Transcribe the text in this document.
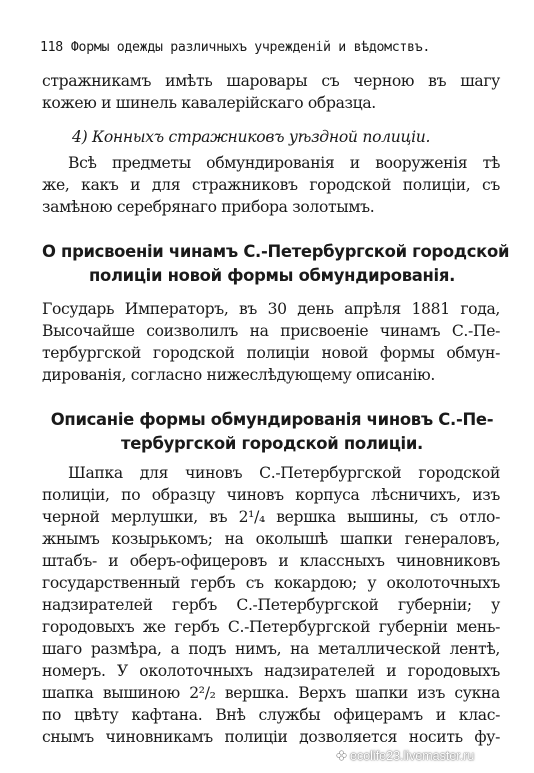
118 Формы одежды различныхъ учрежденій и вѣдомствъ.
стражникамъ имѣть шаровары съ черною въ шагу
кожею и шинель кавалерійскаго образца.
4) Конныхъ стражниковъ уѣздной полиціи.
Всѣ предметы обмундированія и вооруженія тѣ
же, какъ и для стражниковъ городской полиціи, съ
замѣною серебрянаго прибора золотымъ.
О присвоеніи чинамъ С.-Петербургской городской
полиціи новой формы обмундированія.
Государь Императоръ, въ 30 день апрѣля 1881 года,
Высочайше соизволилъ на присвоеніе чинамъ С.-Пе-
тербургской городской полиціи новой формы обмун-
дированія, согласно нижеслѣдующему описанію.
Описаніе формы обмундированія чиновъ С.-Пе-
тербургской городской полиціи.
Шапка для чиновъ С.-Петербургской городской
полиціи, по образцу чиновъ корпуса лѣсничихъ, изъ
черной мерлушки, въ 2¹/₄ вершка вышины, съ отло-
жнымъ козырькомъ; на околышѣ шапки генераловъ,
штабъ- и оберъ-офицеровъ и классныхъ чиновниковъ
государственный гербъ съ кокардою; у околоточныхъ
надзирателей гербъ С.-Петербургской губерніи; у
городовыхъ же гербъ С.-Петербургской губерніи мень-
шаго размѣра, а подъ нимъ, на металлической лентѣ,
номеръ. У околоточныхъ надзирателей и городовыхъ
шапка вышиною 2²/₂ вершка. Верхъ шапки изъ сукна
по цвѣту кафтана. Внѣ службы офицерамъ и клас-
снымъ чиновникамъ полиціи дозволяется носить фу-
ecolife23.livemaster.ru
